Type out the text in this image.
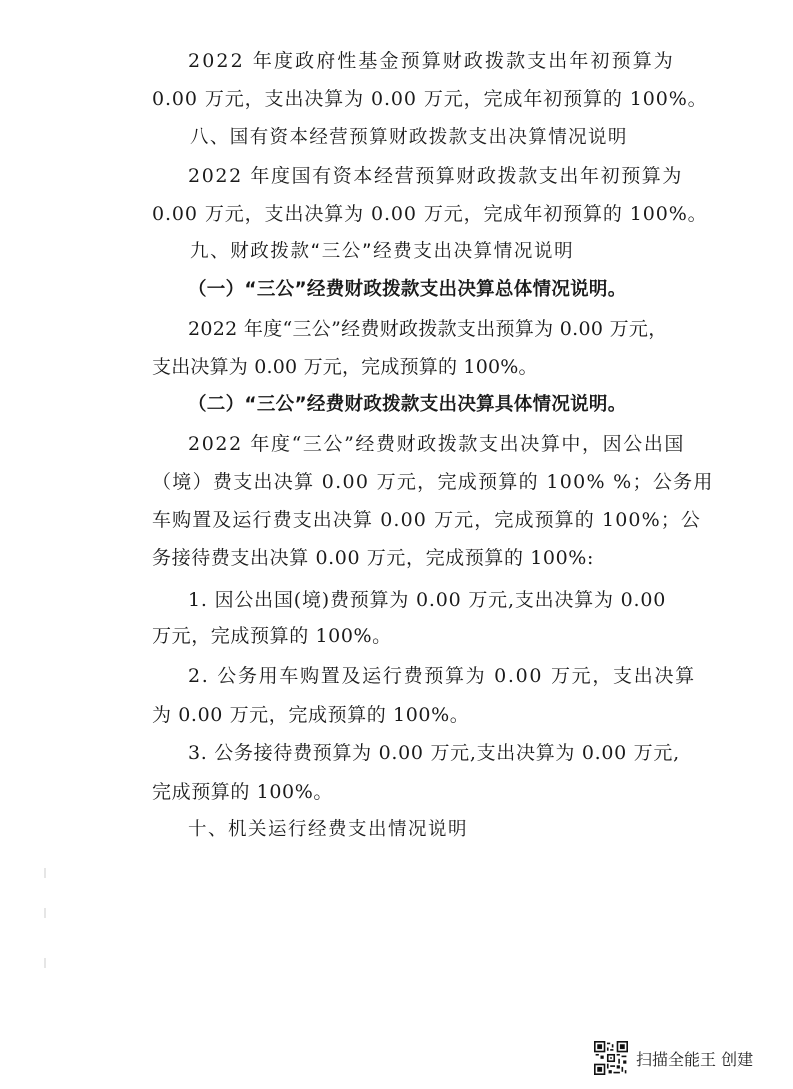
2022 年度政府性基金预算财政拨款支出年初预算为
0.00 万元，支出决算为 0.00 万元，完成年初预算的 100%。
八、国有资本经营预算财政拨款支出决算情况说明
2022 年度国有资本经营预算财政拨款支出年初预算为
0.00 万元，支出决算为 0.00 万元，完成年初预算的 100%。
九、财政拨款“三公”经费支出决算情况说明
（一）“三公”经费财政拨款支出决算总体情况说明。
2022 年度“三公”经费财政拨款支出预算为 0.00 万元，
支出决算为 0.00 万元，完成预算的 100%。
（二）“三公”经费财政拨款支出决算具体情况说明。
2022 年度“三公”经费财政拨款支出决算中，因公出国
（境）费支出决算 0.00 万元，完成预算的 100% %；公务用
车购置及运行费支出决算 0.00 万元，完成预算的 100%；公
务接待费支出决算 0.00 万元，完成预算的 100%:
1. 因公出国(境)费预算为 0.00 万元,支出决算为 0.00
万元，完成预算的 100%。
2. 公务用车购置及运行费预算为 0.00 万元，支出决算
为 0.00 万元，完成预算的 100%。
3. 公务接待费预算为 0.00 万元,支出决算为 0.00 万元,
完成预算的 100%。
十、机关运行经费支出情况说明
扫描全能王 创建
